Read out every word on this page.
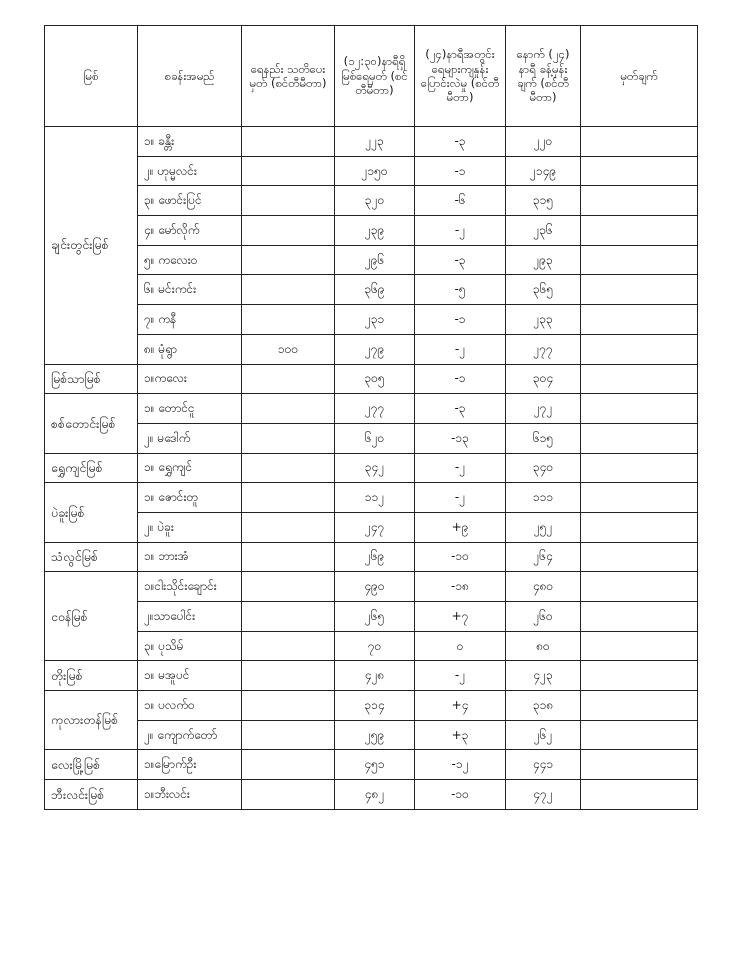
မြစ်	စခန်းအမည်	ရေနည်း သတိပေးမှတ် (စင်တီမီတာ)	(၁၂:၃၀)နာရီရှိ မြစ်ရေမှတ် (စင်တီမီတာ)	(၂၄)နာရီအတွင်း ရေများကျနှုန်း ပြောင်းလဲမှု (စင်တီမီတာ)	နောက် (၂၄) နာရီ ခန့်မှန်းချက် (စင်တီမီတာ)	မှတ်ချက်
ချင်းတွင်းမြစ်	၁။ ခန္တီး		၂၂၃	-၃	၂၂၀	
	၂။ ဟုမ္မလင်း		၂၁၅၀	-၁	၂၁၄၉	
	၃။ ဖောင်းပြင်		၃၂၀	-၆	၃၁၅	
	၄။ မော်လိုက်		၂၃၉	-၂	၂၃၆	
	၅။ ကလေးဝ		၂၉၆	-၃	၂၉၃	
	၆။ မင်းကင်း		၃၆၉	-၅	၃၆၅	
	၇။ ကနီ		၂၃၁	-၁	၂၃၃	
	၈။ မုံရွာ	၁၀၀	၂၇၉	-၂	၂၇၇	
မြစ်သာမြစ်	၁။ကလေး		၃၀၅	-၁	၃၀၄	
စစ်တောင်းမြစ်	၁။ တောင်ငူ		၂၇၇	-၃	၂၇၂	
	၂။ မဒေါက်		၆၂၀	-၁၃	၆၁၅	
ရွှေကျင်မြစ်	၁။ ရွှေကျင်		၃၄၂	-၂	၃၄၀	
ပဲခူးမြစ်	၁။ ဇောင်းတူ		၁၁၂	-၂	၁၁၁	
	၂။ ပဲခူး		၂၄၇	+၉	၂၅၂	
သံလွင်မြစ်	၁။ ဘားအံ		၂၆၉	-၁၀	၂၆၄	
ငဝန်မြစ်	၁။ငါးသိုင်းချောင်း		၄၉၀	-၁၈	၄၈၀	
	၂။သာပေါင်း		၂၆၅	+၇	၂၆၀	
	၃။ ပုသိမ်		၇၀	၀	၈၀	
တိုးမြစ်	၁။ မအူပင်		၄၂၈	-၂	၄၂၃	
ကုလားတန်မြစ်	၁။ ပလက်ဝ		၃၁၄	+၄	၃၁၈	
	၂။ ကျောက်တော်		၂၅၉	+၃	၂၆၂	
လေးမြို့မြစ်	၁။မြောက်ဦး		၄၅၁	-၁၂	၄၄၁	
ဘီးလင်းမြစ်	၁။ဘီးလင်း		၄၈၂	-၁၀	၄၇၂	
